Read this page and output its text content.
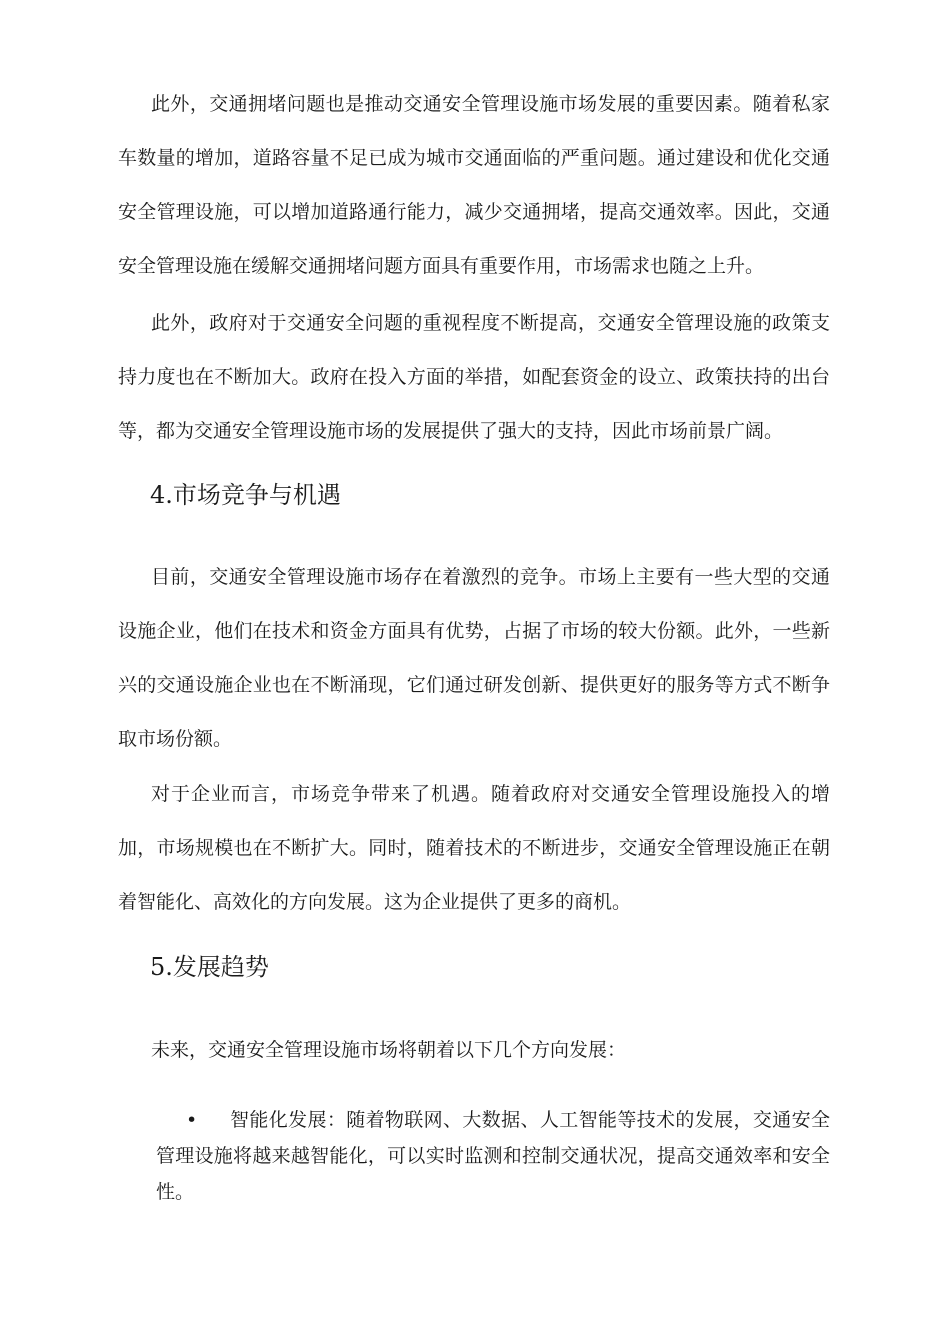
此外，交通拥堵问题也是推动交通安全管理设施市场发展的重要因素。随着私家车数量的增加，道路容量不足已成为城市交通面临的严重问题。通过建设和优化交通安全管理设施，可以增加道路通行能力，减少交通拥堵，提高交通效率。因此，交通安全管理设施在缓解交通拥堵问题方面具有重要作用，市场需求也随之上升。

此外，政府对于交通安全问题的重视程度不断提高，交通安全管理设施的政策支持力度也在不断加大。政府在投入方面的举措，如配套资金的设立、政策扶持的出台等，都为交通安全管理设施市场的发展提供了强大的支持，因此市场前景广阔。

4.市场竞争与机遇

目前，交通安全管理设施市场存在着激烈的竞争。市场上主要有一些大型的交通设施企业，他们在技术和资金方面具有优势，占据了市场的较大份额。此外，一些新兴的交通设施企业也在不断涌现，它们通过研发创新、提供更好的服务等方式不断争取市场份额。

对于企业而言，市场竞争带来了机遇。随着政府对交通安全管理设施投入的增加，市场规模也在不断扩大。同时，随着技术的不断进步，交通安全管理设施正在朝着智能化、高效化的方向发展。这为企业提供了更多的商机。

5.发展趋势

未来，交通安全管理设施市场将朝着以下几个方向发展：

•	智能化发展：随着物联网、大数据、人工智能等技术的发展，交通安全管理设施将越来越智能化，可以实时监测和控制交通状况，提高交通效率和安全性。
